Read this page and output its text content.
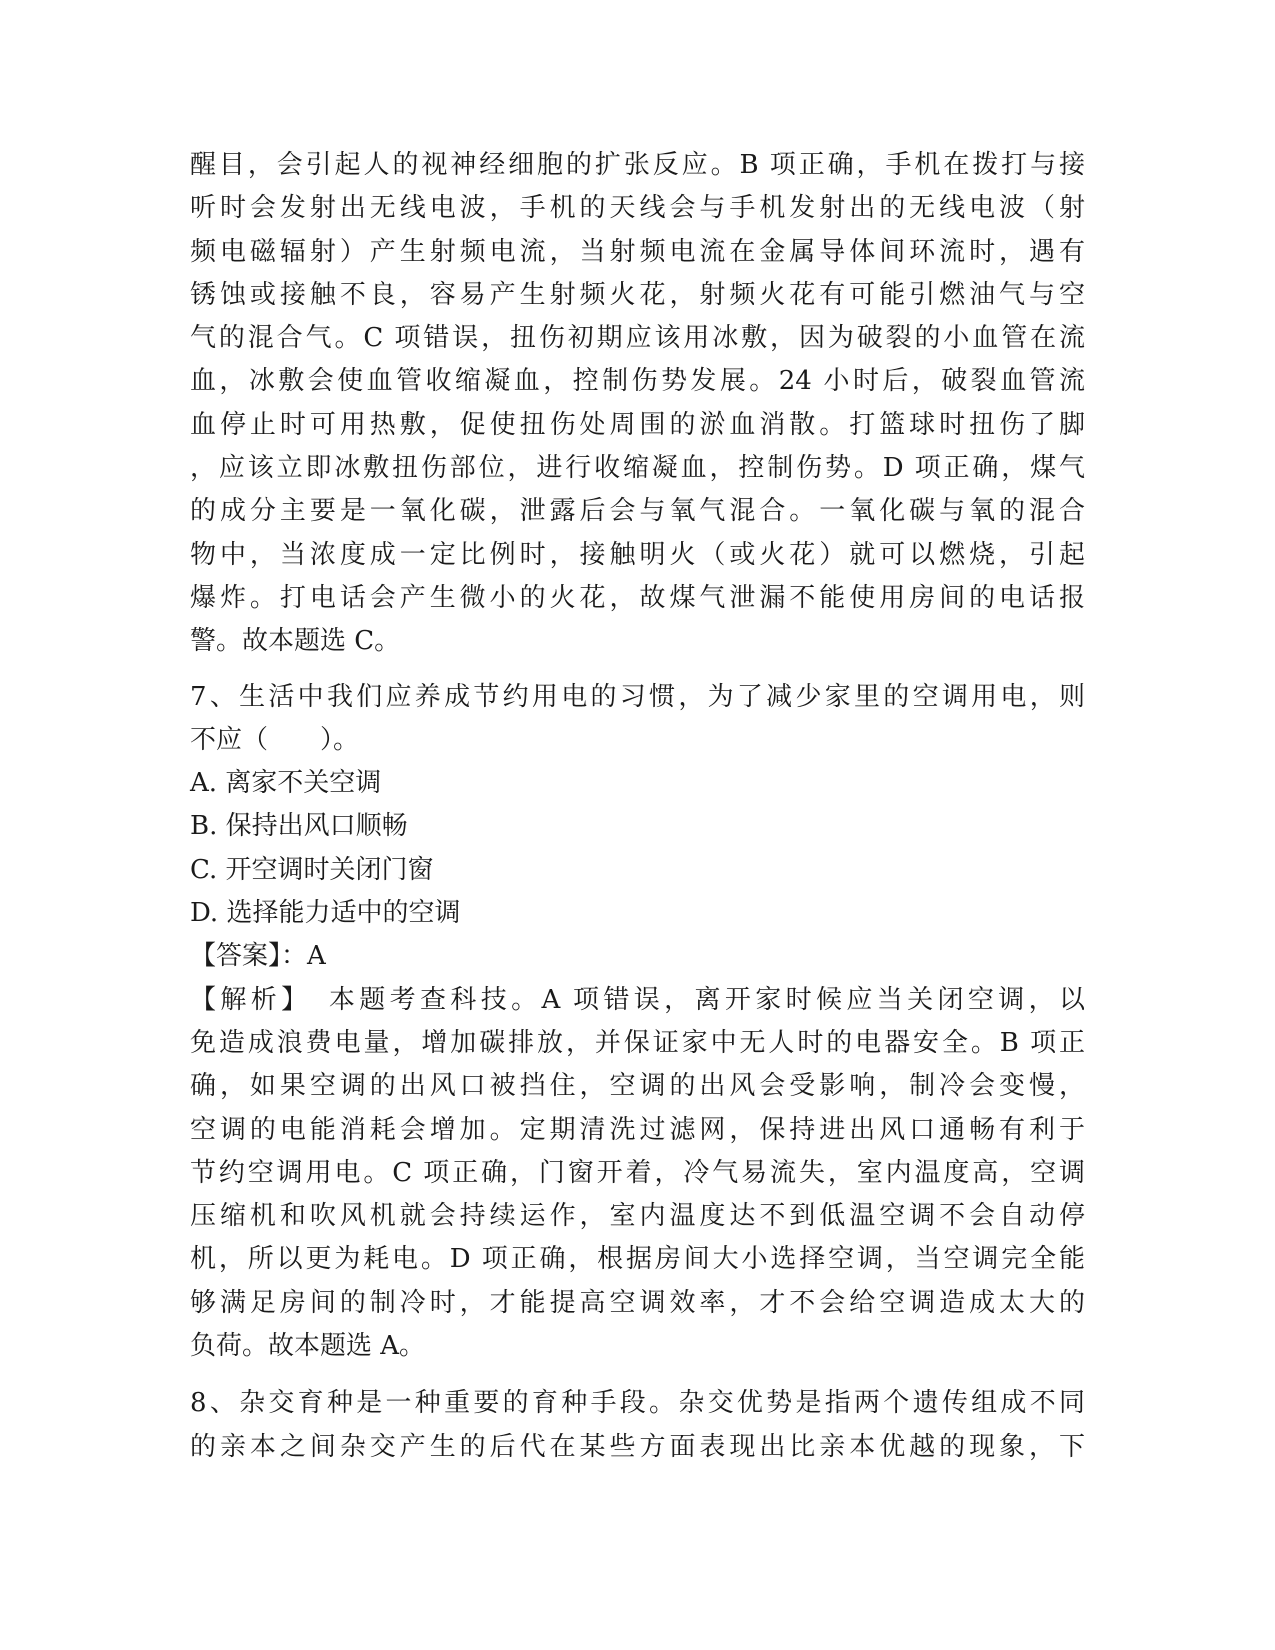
醒目，会引起人的视神经细胞的扩张反应。B 项正确，手机在拨打与接
听时会发射出无线电波，手机的天线会与手机发射出的无线电波（射
频电磁辐射）产生射频电流，当射频电流在金属导体间环流时，遇有
锈蚀或接触不良，容易产生射频火花，射频火花有可能引燃油气与空
气的混合气。C 项错误，扭伤初期应该用冰敷，因为破裂的小血管在流
血，冰敷会使血管收缩凝血，控制伤势发展。24 小时后，破裂血管流
血停止时可用热敷，促使扭伤处周围的淤血消散。打篮球时扭伤了脚
，应该立即冰敷扭伤部位，进行收缩凝血，控制伤势。D 项正确，煤气
的成分主要是一氧化碳，泄露后会与氧气混合。一氧化碳与氧的混合
物中，当浓度成一定比例时，接触明火（或火花）就可以燃烧，引起
爆炸。打电话会产生微小的火花，故煤气泄漏不能使用房间的电话报
警。故本题选 C。
7、生活中我们应养成节约用电的习惯，为了减少家里的空调用电，则
不应（　　）。
A. 离家不关空调
B. 保持出风口顺畅
C. 开空调时关闭门窗
D. 选择能力适中的空调
【答案】：A
【解析】　本题考查科技。A 项错误，离开家时候应当关闭空调，以
免造成浪费电量，增加碳排放，并保证家中无人时的电器安全。B 项正
确，如果空调的出风口被挡住，空调的出风会受影响，制冷会变慢，
空调的电能消耗会增加。定期清洗过滤网，保持进出风口通畅有利于
节约空调用电。C 项正确，门窗开着，冷气易流失，室内温度高，空调
压缩机和吹风机就会持续运作，室内温度达不到低温空调不会自动停
机，所以更为耗电。D 项正确，根据房间大小选择空调，当空调完全能
够满足房间的制冷时，才能提高空调效率，才不会给空调造成太大的
负荷。故本题选 A。
8、杂交育种是一种重要的育种手段。杂交优势是指两个遗传组成不同
的亲本之间杂交产生的后代在某些方面表现出比亲本优越的现象，下
